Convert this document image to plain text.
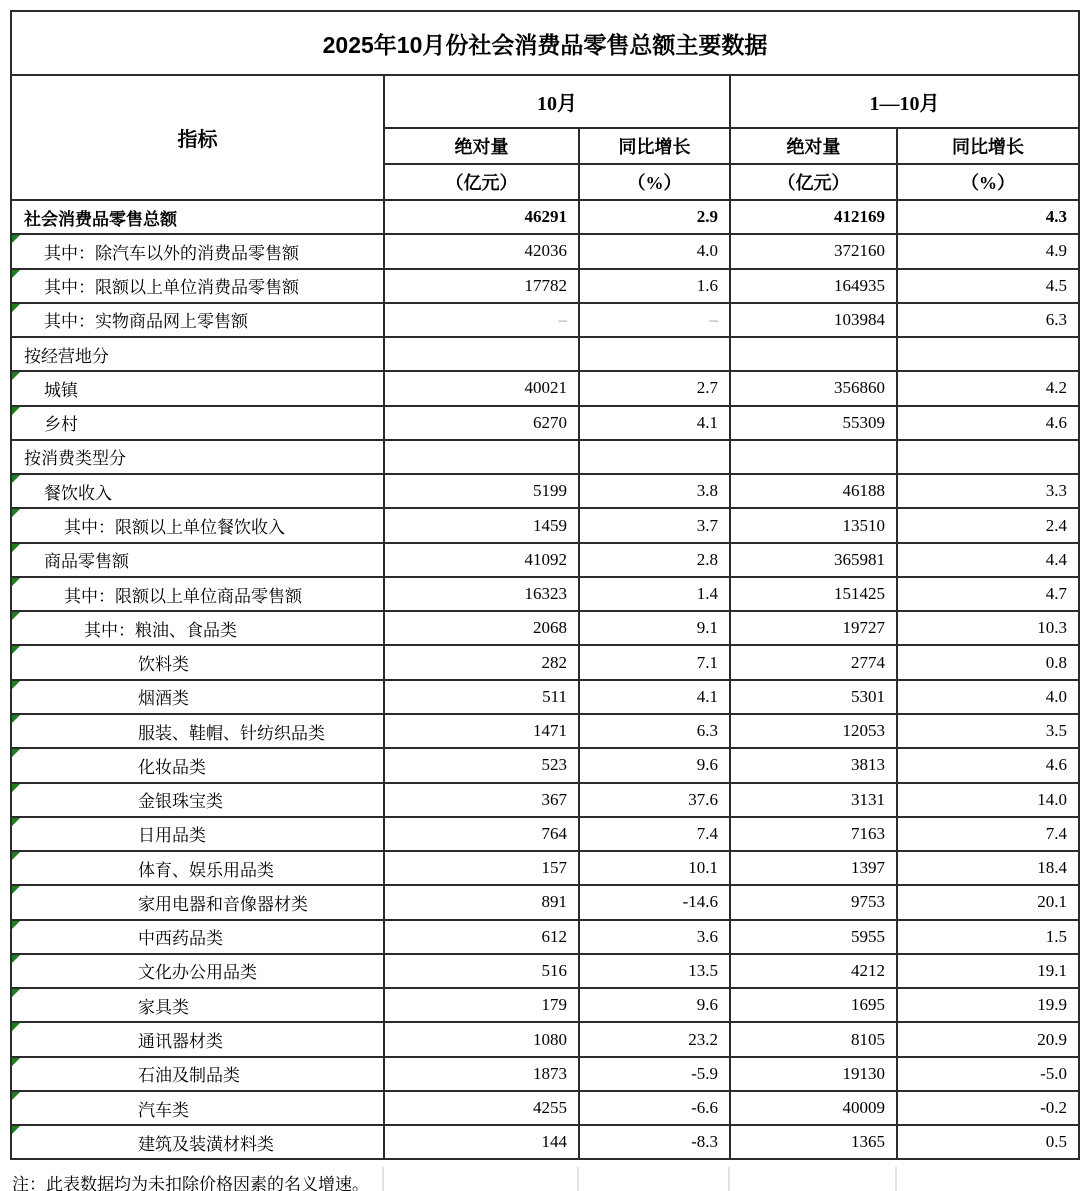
2025年10月份社会消费品零售总额主要数据				
指标	10月		1—10月	
	绝对量	同比增长	绝对量	同比增长
	（亿元）	（%）	（亿元）	（%）
社会消费品零售总额	46291	2.9	412169	4.3

其中：除汽车以外的消费品零售额	42036	4.0	372160	4.9

其中：限额以上单位消费品零售额	17782	1.6	164935	4.5

其中：实物商品网上零售额	–	–	103984	6.3
按经营地分				

城镇	40021	2.7	356860	4.2

乡村	6270	4.1	55309	4.6
按消费类型分				

餐饮收入	5199	3.8	46188	3.3

其中：限额以上单位餐饮收入	1459	3.7	13510	2.4

商品零售额	41092	2.8	365981	4.4

其中：限额以上单位商品零售额	16323	1.4	151425	4.7

其中：粮油、食品类	2068	9.1	19727	10.3

饮料类	282	7.1	2774	0.8

烟酒类	511	4.1	5301	4.0

服装、鞋帽、针纺织品类	1471	6.3	12053	3.5

化妆品类	523	9.6	3813	4.6

金银珠宝类	367	37.6	3131	14.0

日用品类	764	7.4	7163	7.4

体育、娱乐用品类	157	10.1	1397	18.4

家用电器和音像器材类	891	-14.6	9753	20.1

中西药品类	612	3.6	5955	1.5

文化办公用品类	516	13.5	4212	19.1

家具类	179	9.6	1695	19.9

通讯器材类	1080	23.2	8105	20.9

石油及制品类	1873	-5.9	19130	-5.0

汽车类	4255	-6.6	40009	-0.2

建筑及装潢材料类	144	-8.3	1365	0.5
注：此表数据均为未扣除价格因素的名义增速。
